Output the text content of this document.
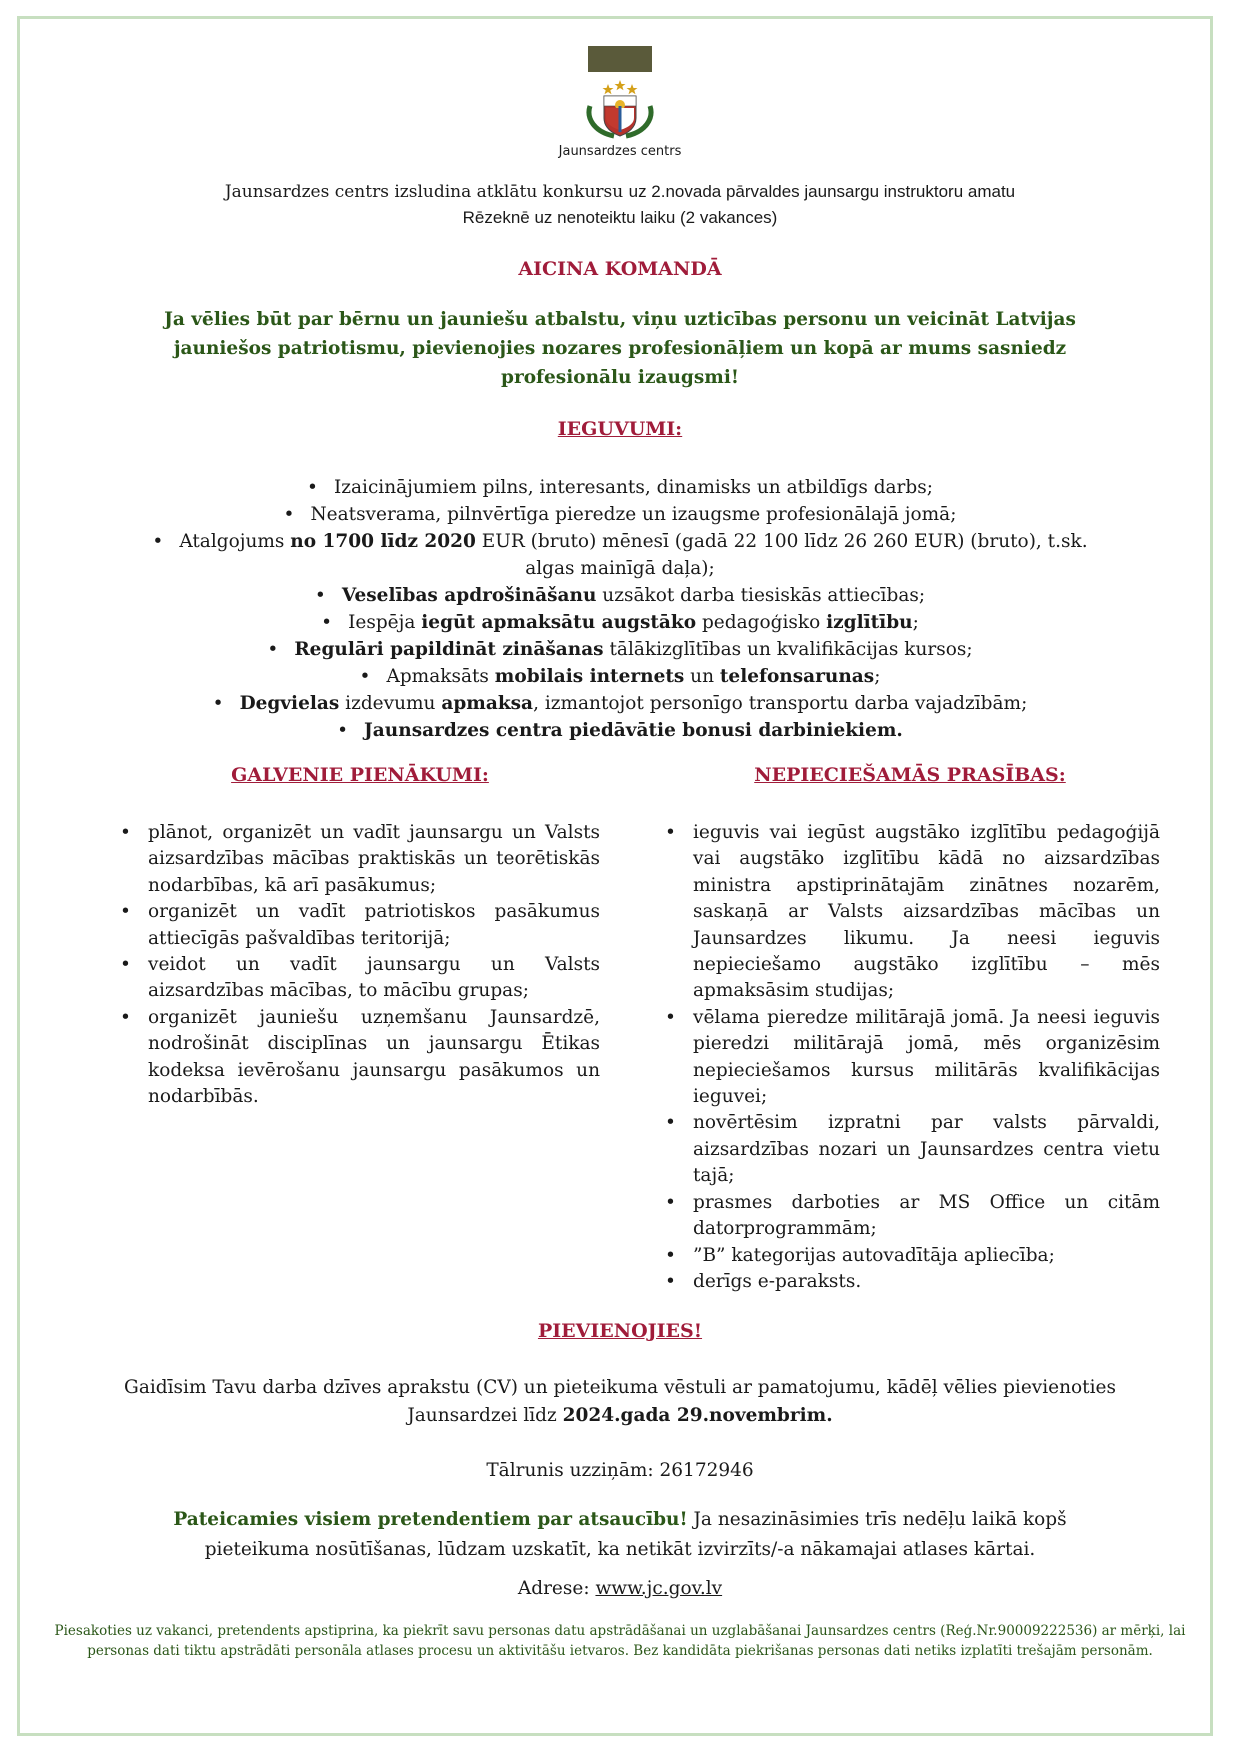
Jaunsardzes centrs
Jaunsardzes centrs izsludina atklātu konkursu uz 2.novada pārvaldes jaunsargu instruktoru amatu
Rēzeknē uz nenoteiktu laiku (2 vakances)
AICINA KOMANDĀ
Ja vēlies būt par bērnu un jauniešu atbalstu, viņu uzticības personu un veicināt Latvijas jauniešos patriotismu, pievienojies nozares profesionāļiem un kopā ar mums sasniedz profesionālu izaugsmi!
IEGUVUMI:
• Izaicinājumiem pilns, interesants, dinamisks un atbildīgs darbs;
• Neatsverama, pilnvērtīga pieredze un izaugsme profesionālajā jomā;
• Atalgojums no 1700 līdz 2020 EUR (bruto) mēnesī (gadā 22 100 līdz 26 260 EUR) (bruto), t.sk. algas mainīgā daļa);
• Veselības apdrošināšanu uzsākot darba tiesiskās attiecības;
• Iespēja iegūt apmaksātu augstāko pedagoģisko izglītību;
• Regulāri papildināt zināšanas tālākizglītības un kvalifikācijas kursos;
• Apmaksāts mobilais internets un telefonsarunas;
• Degvielas izdevumu apmaksa, izmantojot personīgo transportu darba vajadzībām;
• Jaunsardzes centra piedāvātie bonusi darbiniekiem.
GALVENIE PIENĀKUMI:	NEPIECIEŠAMĀS PRASĪBAS:
• plānot, organizēt un vadīt jaunsargu un Valsts aizsardzības mācības praktiskās un teorētiskās nodarbības, kā arī pasākumus;
• organizēt un vadīt patriotiskos pasākumus attiecīgās pašvaldības teritorijā;
• veidot un vadīt jaunsargu un Valsts aizsardzības mācības, to mācību grupas;
• organizēt jauniešu uzņemšanu Jaunsardzē, nodrošināt disciplīnas un jaunsargu Ētikas kodeksa ievērošanu jaunsargu pasākumos un nodarbībās.
• ieguvis vai iegūst augstāko izglītību pedagoģijā vai augstāko izglītību kādā no aizsardzības ministra apstiprinātajām zinātnes nozarēm, saskaņā ar Valsts aizsardzības mācības un Jaunsardzes likumu. Ja neesi ieguvis nepieciešamo augstāko izglītību – mēs apmaksāsim studijas;
• vēlama pieredze militārajā jomā. Ja neesi ieguvis pieredzi militārajā jomā, mēs organizēsim nepieciešamos kursus militārās kvalifikācijas ieguvei;
• novērtēsim izpratni par valsts pārvaldi, aizsardzības nozari un Jaunsardzes centra vietu tajā;
• prasmes darboties ar MS Office un citām datorprogrammām;
• ”B” kategorijas autovadītāja apliecība;
• derīgs e-paraksts.
PIEVIENOJIES!
Gaidīsim Tavu darba dzīves aprakstu (CV) un pieteikuma vēstuli ar pamatojumu, kādēļ vēlies pievienoties Jaunsardzei līdz 2024.gada 29.novembrim.
Tālrunis uzziņām: 26172946
Pateicamies visiem pretendentiem par atsaucību! Ja nesazināsimies trīs nedēļu laikā kopš pieteikuma nosūtīšanas, lūdzam uzskatīt, ka netikāt izvirzīts/-a nākamajai atlases kārtai.
Adrese: www.jc.gov.lv
Piesakoties uz vakanci, pretendents apstiprina, ka piekrīt savu personas datu apstrādāšanai un uzglabāšanai Jaunsardzes centrs (Reģ.Nr.90009222536) ar mērķi, lai personas dati tiktu apstrādāti personāla atlases procesu un aktivitāšu ietvaros. Bez kandidāta piekrišanas personas dati netiks izplatīti trešajām personām.
